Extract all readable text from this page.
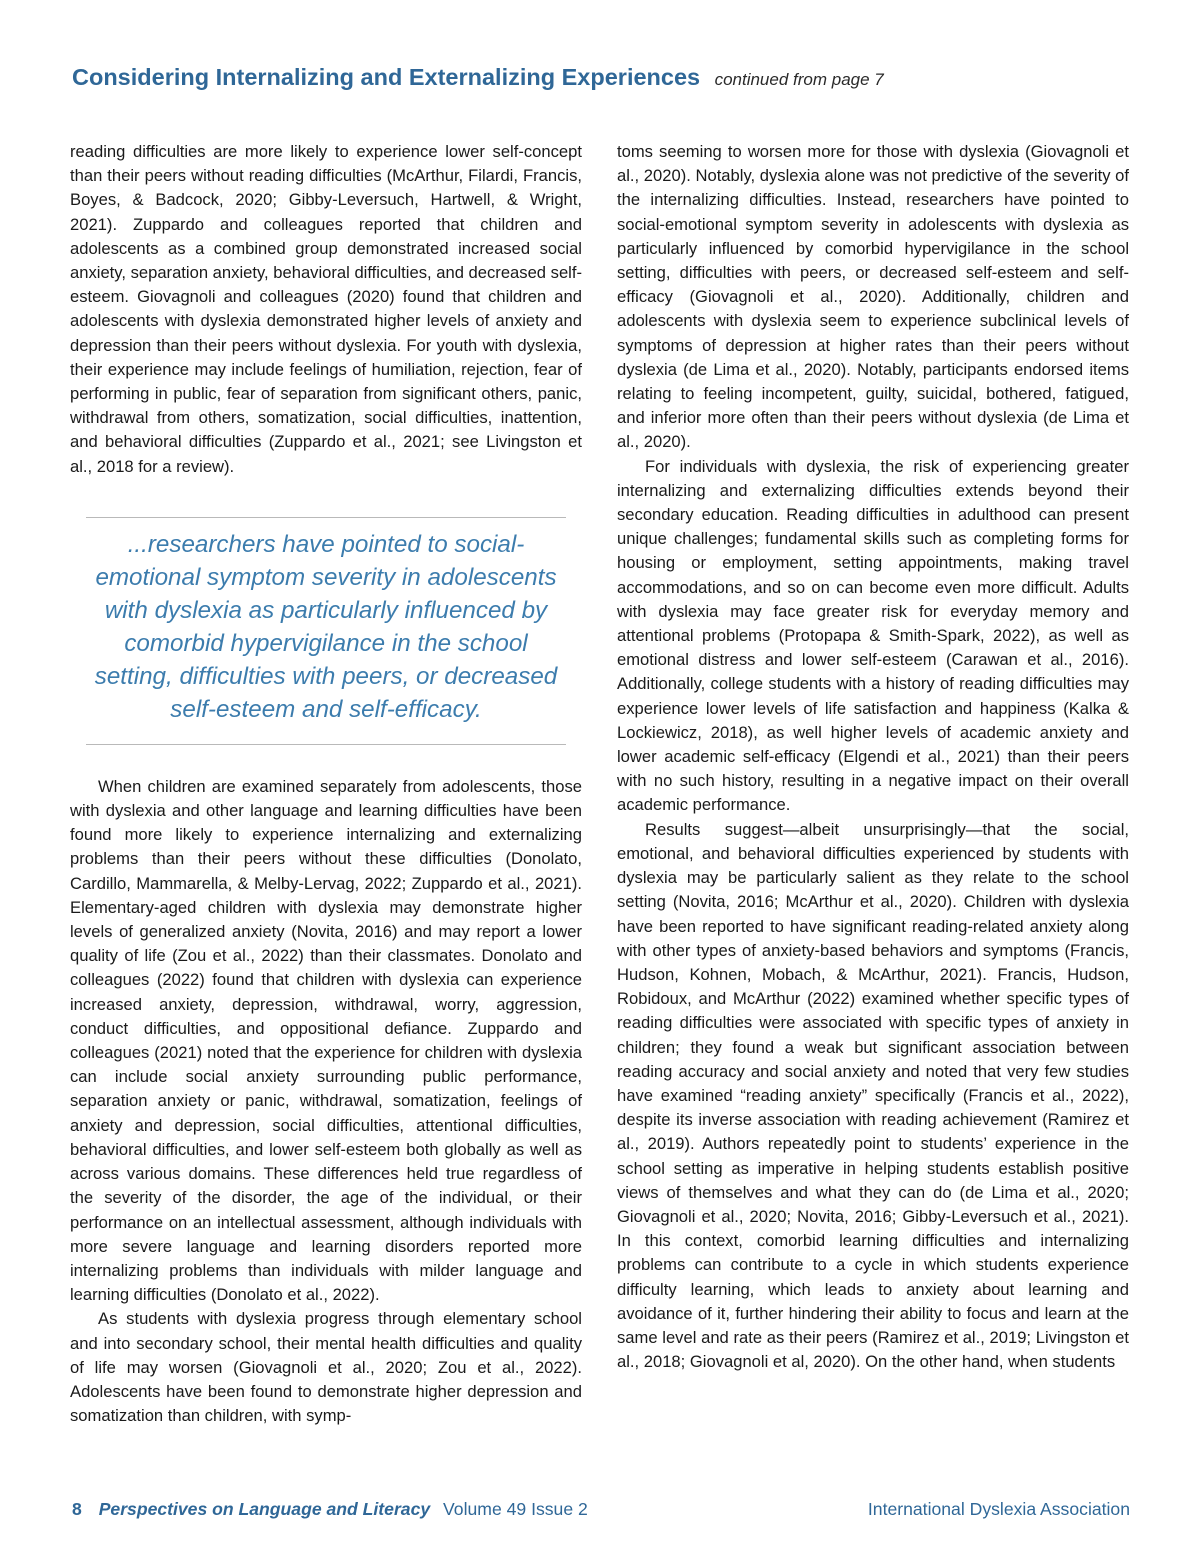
Considering Internalizing and Externalizing Experiences continued from page 7

reading difficulties are more likely to experience lower self-concept than their peers without reading difficulties (McArthur, Filardi, Francis, Boyes, & Badcock, 2020; Gibby-Leversuch, Hartwell, & Wright, 2021). Zuppardo and colleagues reported that children and adolescents as a combined group demonstrated increased social anxiety, separation anxiety, behavioral difficulties, and decreased self-esteem. Giovagnoli and colleagues (2020) found that children and adolescents with dyslexia demonstrated higher levels of anxiety and depression than their peers without dyslexia. For youth with dyslexia, their experience may include feelings of humiliation, rejection, fear of performing in public, fear of separation from significant others, panic, withdrawal from others, somatization, social difficulties, inattention, and behavioral difficulties (Zuppardo et al., 2021; see Livingston et al., 2018 for a review).

...researchers have pointed to social-emotional symptom severity in adolescents with dyslexia as particularly influenced by comorbid hypervigilance in the school setting, difficulties with peers, or decreased self-esteem and self-efficacy.

When children are examined separately from adolescents, those with dyslexia and other language and learning difficulties have been found more likely to experience internalizing and externalizing problems than their peers without these difficulties (Donolato, Cardillo, Mammarella, & Melby-Lervag, 2022; Zuppardo et al., 2021). Elementary-aged children with dyslexia may demonstrate higher levels of generalized anxiety (Novita, 2016) and may report a lower quality of life (Zou et al., 2022) than their classmates. Donolato and colleagues (2022) found that children with dyslexia can experience increased anxiety, depression, withdrawal, worry, aggression, conduct difficulties, and oppositional defiance. Zuppardo and colleagues (2021) noted that the experience for children with dyslexia can include social anxiety surrounding public performance, separation anxiety or panic, withdrawal, somatization, feelings of anxiety and depression, social difficulties, attentional difficulties, behavioral difficulties, and lower self-esteem both globally as well as across various domains. These differences held true regardless of the severity of the disorder, the age of the individual, or their performance on an intellectual assessment, although individuals with more severe language and learning disorders reported more internalizing problems than individuals with milder language and learning difficulties (Donolato et al., 2022).

As students with dyslexia progress through elementary school and into secondary school, their mental health difficulties and quality of life may worsen (Giovagnoli et al., 2020; Zou et al., 2022). Adolescents have been found to demonstrate higher depression and somatization than children, with symp-

toms seeming to worsen more for those with dyslexia (Giovagnoli et al., 2020). Notably, dyslexia alone was not predictive of the severity of the internalizing difficulties. Instead, researchers have pointed to social-emotional symptom severity in adolescents with dyslexia as particularly influenced by comorbid hypervigilance in the school setting, difficulties with peers, or decreased self-esteem and self-efficacy (Giovagnoli et al., 2020). Additionally, children and adolescents with dyslexia seem to experience subclinical levels of symptoms of depression at higher rates than their peers without dyslexia (de Lima et al., 2020). Notably, participants endorsed items relating to feeling incompetent, guilty, suicidal, bothered, fatigued, and inferior more often than their peers without dyslexia (de Lima et al., 2020).

For individuals with dyslexia, the risk of experiencing greater internalizing and externalizing difficulties extends beyond their secondary education. Reading difficulties in adulthood can present unique challenges; fundamental skills such as completing forms for housing or employment, setting appointments, making travel accommodations, and so on can become even more difficult. Adults with dyslexia may face greater risk for everyday memory and attentional problems (Protopapa & Smith-Spark, 2022), as well as emotional distress and lower self-esteem (Carawan et al., 2016). Additionally, college students with a history of reading difficulties may experience lower levels of life satisfaction and happiness (Kalka & Lockiewicz, 2018), as well higher levels of academic anxiety and lower academic self-efficacy (Elgendi et al., 2021) than their peers with no such history, resulting in a negative impact on their overall academic performance.

Results suggest—albeit unsurprisingly—that the social, emotional, and behavioral difficulties experienced by students with dyslexia may be particularly salient as they relate to the school setting (Novita, 2016; McArthur et al., 2020). Children with dyslexia have been reported to have significant reading-related anxiety along with other types of anxiety-based behaviors and symptoms (Francis, Hudson, Kohnen, Mobach, & McArthur, 2021). Francis, Hudson, Robidoux, and McArthur (2022) examined whether specific types of reading difficulties were associated with specific types of anxiety in children; they found a weak but significant association between reading accuracy and social anxiety and noted that very few studies have examined “reading anxiety” specifically (Francis et al., 2022), despite its inverse association with reading achievement (Ramirez et al., 2019). Authors repeatedly point to students’ experience in the school setting as imperative in helping students establish positive views of themselves and what they can do (de Lima et al., 2020; Giovagnoli et al., 2020; Novita, 2016; Gibby-Leversuch et al., 2021). In this context, comorbid learning difficulties and internalizing problems can contribute to a cycle in which students experience difficulty learning, which leads to anxiety about learning and avoidance of it, further hindering their ability to focus and learn at the same level and rate as their peers (Ramirez et al., 2019; Livingston et al., 2018; Giovagnoli et al, 2020). On the other hand, when students

8 Perspectives on Language and Literacy Volume 49 Issue 2	International Dyslexia Association
